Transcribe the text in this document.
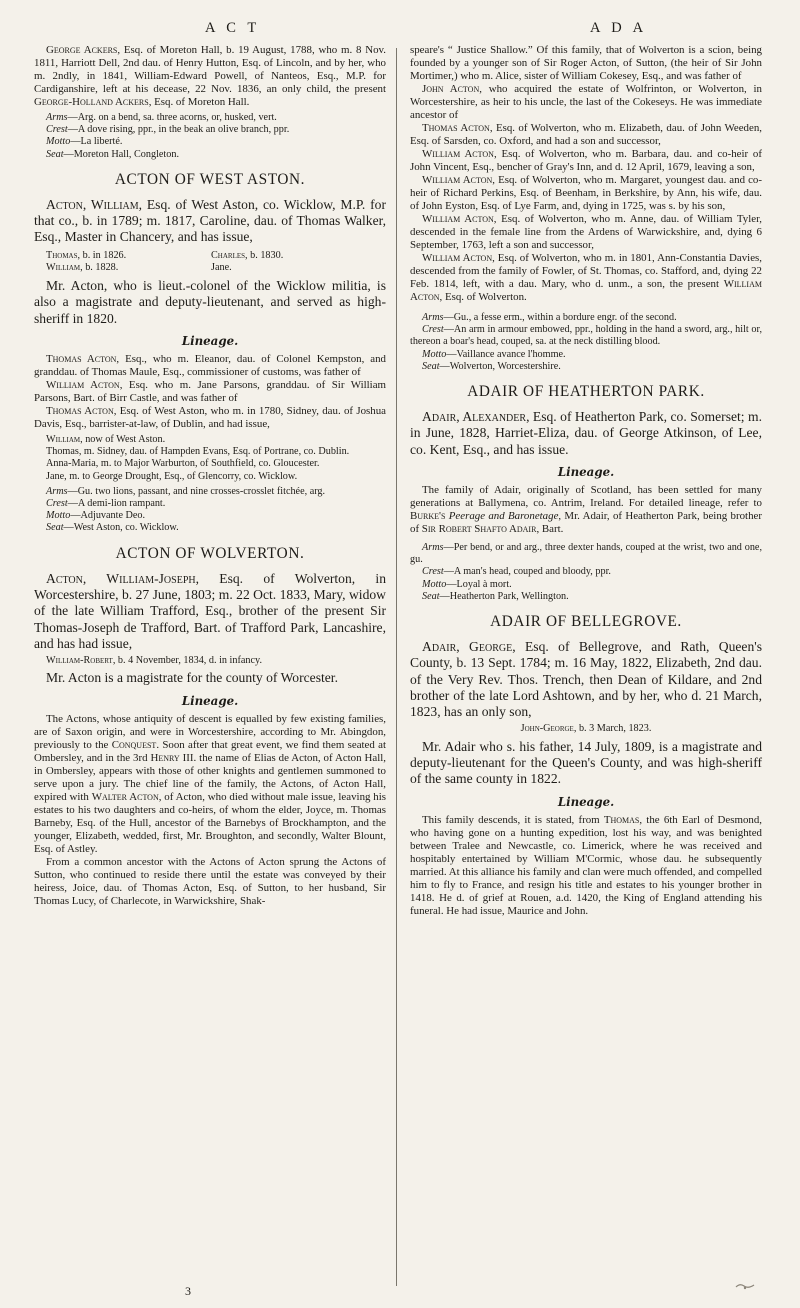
A C T	A D A

George Ackers, Esq. of Moreton Hall, b. 19 August, 1788, who m. 8 Nov. 1811, Harriott Dell, 2nd dau. of Henry Hutton, Esq. of Lincoln, and by her, who m. 2ndly, in 1841, William-Edward Powell, of Nanteos, Esq., M.P. for Cardiganshire, left at his decease, 22 Nov. 1836, an only child, the present George-Holland Ackers, Esq. of Moreton Hall.

Arms—Arg. on a bend, sa. three acorns, or, husked, vert.

Crest—A dove rising, ppr., in the beak an olive branch, ppr.

Motto—La liberté.

Seat—Moreton Hall, Congleton.

ACTON OF WEST ASTON.

Acton, William, Esq. of West Aston, co. Wicklow, M.P. for that co., b. in 1789; m. 1817, Caroline, dau. of Thomas Walker, Esq., Master in Chancery, and has issue,

Thomas, b. in 1826.	Charles, b. 1830.
William, b. 1828.	Jane.

Mr. Acton, who is lieut.-colonel of the Wicklow militia, is also a magistrate and deputy-lieutenant, and served as high-sheriff in 1820.

Lineage.

Thomas Acton, Esq., who m. Eleanor, dau. of Colonel Kempston, and granddau. of Thomas Maule, Esq., commissioner of customs, was father of

William Acton, Esq. who m. Jane Parsons, granddau. of Sir William Parsons, Bart. of Birr Castle, and was father of

Thomas Acton, Esq. of West Aston, who m. in 1780, Sidney, dau. of Joshua Davis, Esq., barrister-at-law, of Dublin, and had issue,

William, now of West Aston.

Thomas, m. Sidney, dau. of Hampden Evans, Esq. of Portrane, co. Dublin.

Anna-Maria, m. to Major Warburton, of Southfield, co. Gloucester.

Jane, m. to George Drought, Esq., of Glencorry, co. Wicklow.

Arms—Gu. two lions, passant, and nine crosses-crosslet fitchée, arg.

Crest—A demi-lion rampant.

Motto—Adjuvante Deo.

Seat—West Aston, co. Wicklow.

ACTON OF WOLVERTON.

Acton, William-Joseph, Esq. of Wolverton, in Worcestershire, b. 27 June, 1803; m. 22 Oct. 1833, Mary, widow of the late William Trafford, Esq., brother of the present Sir Thomas-Joseph de Trafford, Bart. of Trafford Park, Lancashire, and has had issue,

William-Robert, b. 4 November, 1834, d. in infancy.

Mr. Acton is a magistrate for the county of Worcester.

Lineage.

The Actons, whose antiquity of descent is equalled by few existing families, are of Saxon origin, and were in Worcestershire, according to Mr. Abingdon, previously to the Conquest. Soon after that great event, we find them seated at Ombersley, and in the 3rd Henry III. the name of Elias de Acton, of Acton Hall, in Ombersley, appears with those of other knights and gentlemen summoned to serve upon a jury. The chief line of the family, the Actons, of Acton Hall, expired with Walter Acton, of Acton, who died without male issue, leaving his estates to his two daughters and co-heirs, of whom the elder, Joyce, m. Thomas Barneby, Esq. of the Hull, ancestor of the Barnebys of Brockhampton, and the younger, Elizabeth, wedded, first, Mr. Broughton, and secondly, Walter Blount, Esq. of Astley.

From a common ancestor with the Actons of Acton sprung the Actons of Sutton, who continued to reside there until the estate was conveyed by their heiress, Joice, dau. of Thomas Acton, Esq. of Sutton, to her husband, Sir Thomas Lucy, of Charlecote, in Warwickshire, Shak-

speare's “ Justice Shallow.” Of this family, that of Wolverton is a scion, being founded by a younger son of Sir Roger Acton, of Sutton, (the heir of Sir John Mortimer,) who m. Alice, sister of William Cokesey, Esq., and was father of

John Acton, who acquired the estate of Wolfrinton, or Wolverton, in Worcestershire, as heir to his uncle, the last of the Cokeseys. He was immediate ancestor of

Thomas Acton, Esq. of Wolverton, who m. Elizabeth, dau. of John Weeden, Esq. of Sarsden, co. Oxford, and had a son and successor,

William Acton, Esq. of Wolverton, who m. Barbara, dau. and co-heir of John Vincent, Esq., bencher of Gray's Inn, and d. 12 April, 1679, leaving a son,

William Acton, Esq. of Wolverton, who m. Margaret, youngest dau. and co-heir of Richard Perkins, Esq. of Beenham, in Berkshire, by Ann, his wife, dau. of John Eyston, Esq. of Lye Farm, and, dying in 1725, was s. by his son,

William Acton, Esq. of Wolverton, who m. Anne, dau. of William Tyler, descended in the female line from the Ardens of Warwickshire, and, dying 6 September, 1763, left a son and successor,

William Acton, Esq. of Wolverton, who m. in 1801, Ann-Constantia Davies, descended from the family of Fowler, of St. Thomas, co. Stafford, and, dying 22 Feb. 1814, left, with a dau. Mary, who d. unm., a son, the present William Acton, Esq. of Wolverton.

Arms—Gu., a fesse erm., within a bordure engr. of the second.

Crest—An arm in armour embowed, ppr., holding in the hand a sword, arg., hilt or, thereon a boar's head, couped, sa. at the neck distilling blood.

Motto—Vaillance avance l'homme.

Seat—Wolverton, Worcestershire.

ADAIR OF HEATHERTON PARK.

Adair, Alexander, Esq. of Heatherton Park, co. Somerset; m. in June, 1828, Harriet-Eliza, dau. of George Atkinson, of Lee, co. Kent, Esq., and has issue.

Lineage.

The family of Adair, originally of Scotland, has been settled for many generations at Ballymena, co. Antrim, Ireland. For detailed lineage, refer to Burke's Peerage and Baronetage, Mr. Adair, of Heatherton Park, being brother of Sir Robert Shafto Adair, Bart.

Arms—Per bend, or and arg., three dexter hands, couped at the wrist, two and one, gu.

Crest—A man's head, couped and bloody, ppr.

Motto—Loyal à mort.

Seat—Heatherton Park, Wellington.

ADAIR OF BELLEGROVE.

Adair, George, Esq. of Bellegrove, and Rath, Queen's County, b. 13 Sept. 1784; m. 16 May, 1822, Elizabeth, 2nd dau. of the Very Rev. Thos. Trench, then Dean of Kildare, and 2nd brother of the late Lord Ashtown, and by her, who d. 21 March, 1823, has an only son,

John-George, b. 3 March, 1823.

Mr. Adair who s. his father, 14 July, 1809, is a magistrate and deputy-lieutenant for the Queen's County, and was high-sheriff of the same county in 1822.

Lineage.

This family descends, it is stated, from Thomas, the 6th Earl of Desmond, who having gone on a hunting expedition, lost his way, and was benighted between Tralee and Newcastle, co. Limerick, where he was received and hospitably entertained by William M'Cormic, whose dau. he subsequently married. At this alliance his family and clan were much offended, and compelled him to fly to France, and resign his title and estates to his younger brother in 1418. He d. of grief at Rouen, a.d. 1420, the King of England attending his funeral. He had issue, Maurice and John.

3
